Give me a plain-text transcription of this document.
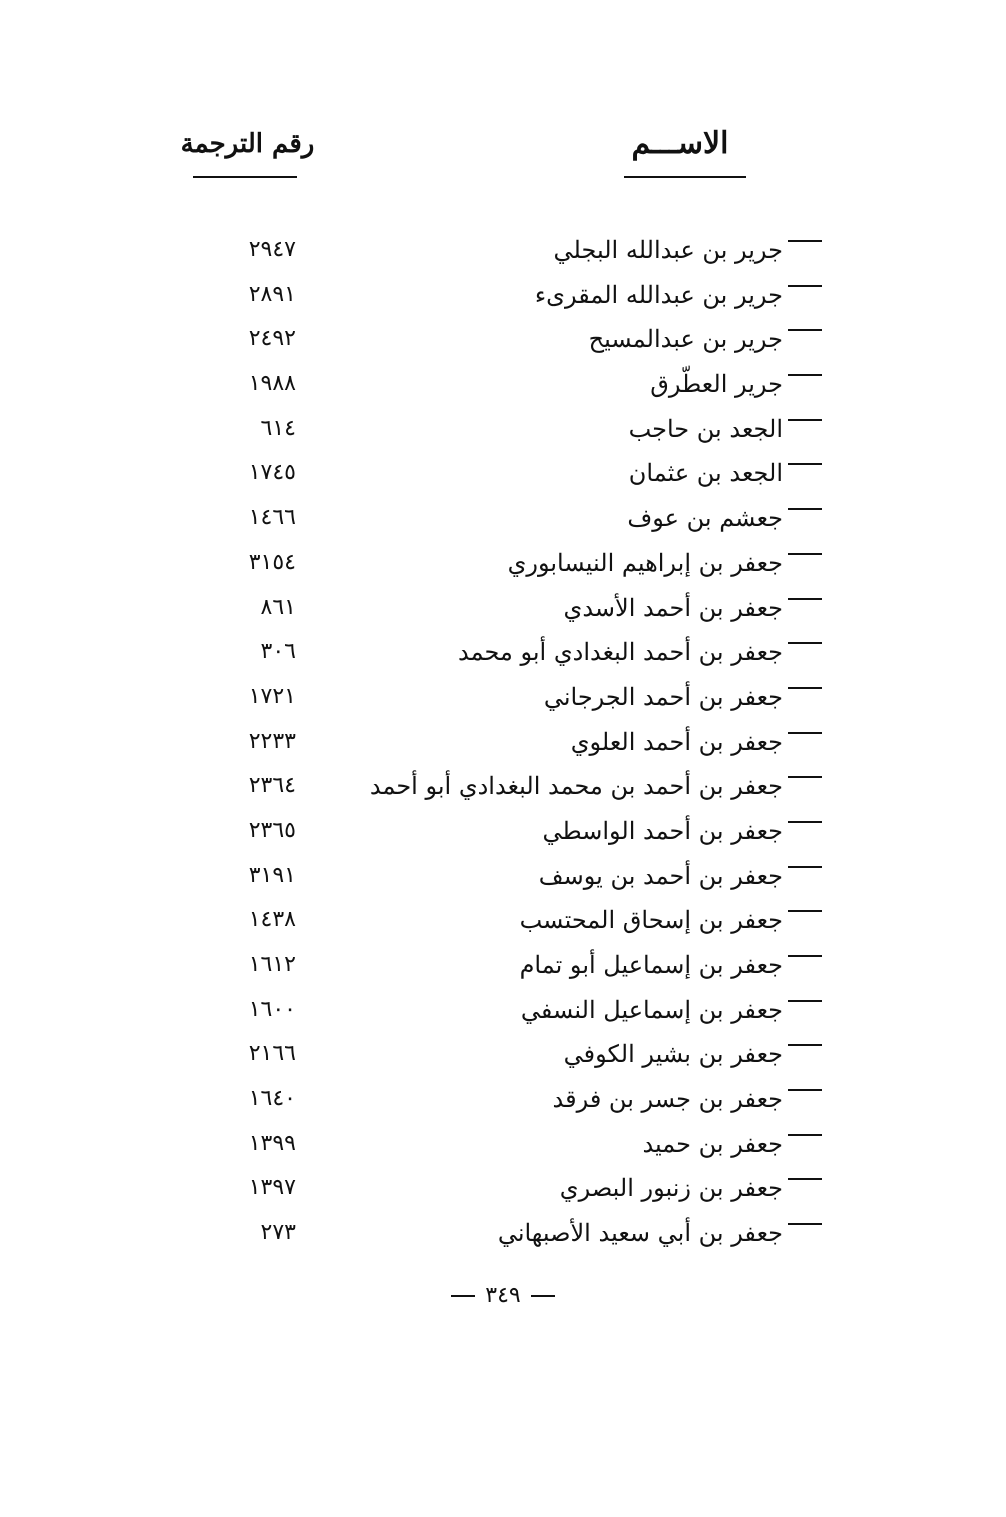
الاســـم
رقم الترجمة
جرير بن عبدالله البجلي
٢٩٤٧
جرير بن عبدالله المقرىء
٢٨٩١
جرير بن عبدالمسيح
٢٤٩٢
جرير العطّرق
١٩٨٨
الجعد بن حاجب
٦١٤
الجعد بن عثمان
١٧٤٥
جعشم بن عوف
١٤٦٦
جعفر بن إبراهيم النيسابوري
٣١٥٤
جعفر بن أحمد الأسدي
٨٦١
جعفر بن أحمد البغدادي أبو محمد
٣٠٦
جعفر بن أحمد الجرجاني
١٧٢١
جعفر بن أحمد العلوي
٢٢٣٣
جعفر بن أحمد بن محمد البغدادي أبو أحمد
٢٣٦٤
جعفر بن أحمد الواسطي
٢٣٦٥
جعفر بن أحمد بن يوسف
٣١٩١
جعفر بن إسحاق المحتسب
١٤٣٨
جعفر بن إسماعيل أبو تمام
١٦١٢
جعفر بن إسماعيل النسفي
١٦٠٠
جعفر بن بشير الكوفي
٢١٦٦
جعفر بن جسر بن فرقد
١٦٤٠
جعفر بن حميد
١٣٩٩
جعفر بن زنبور البصري
١٣٩٧
جعفر بن أبي سعيد الأصبهاني
٢٧٣
٣٤٩
